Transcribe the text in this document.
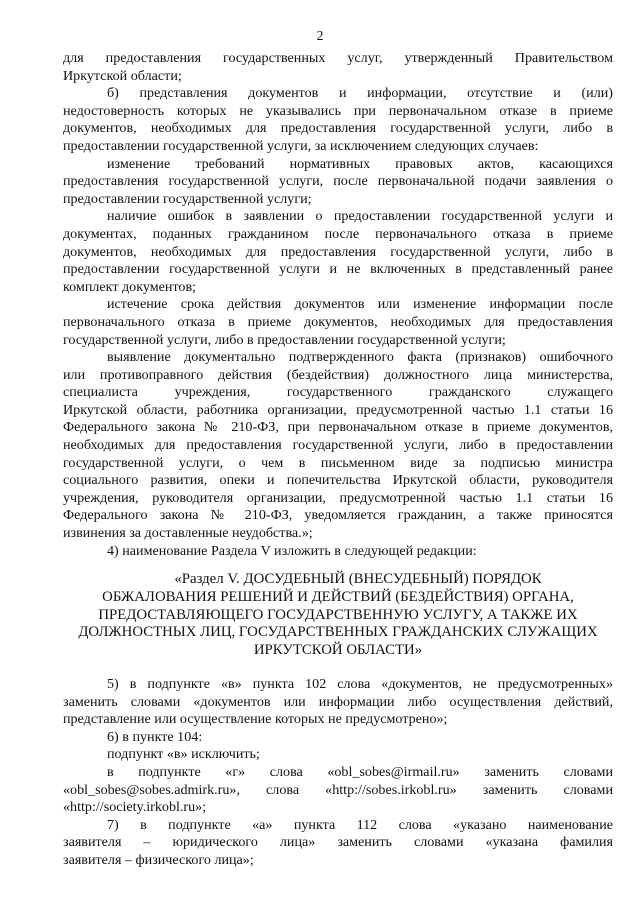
2
для предоставления государственных услуг, утвержденный Правительством
Иркутской области;
б) представления документов и информации, отсутствие и (или)
недостоверность которых не указывались при первоначальном отказе в приеме
документов, необходимых для предоставления государственной услуги, либо в
предоставлении государственной услуги, за исключением следующих случаев:
изменение требований нормативных правовых актов, касающихся
предоставления государственной услуги, после первоначальной подачи заявления о
предоставлении государственной услуги;
наличие ошибок в заявлении о предоставлении государственной услуги и
документах, поданных гражданином после первоначального отказа в приеме
документов, необходимых для предоставления государственной услуги, либо в
предоставлении государственной услуги и не включенных в представленный ранее
комплект документов;
истечение срока действия документов или изменение информации после
первоначального отказа в приеме документов, необходимых для предоставления
государственной услуги, либо в предоставлении государственной услуги;
выявление документально подтвержденного факта (признаков) ошибочного
или противоправного действия (бездействия) должностного лица министерства,
специалиста учреждения, государственного гражданского служащего
Иркутской области, работника организации, предусмотренной частью 1.1 статьи 16
Федерального закона № 210-ФЗ, при первоначальном отказе в приеме документов,
необходимых для предоставления государственной услуги, либо в предоставлении
государственной услуги, о чем в письменном виде за подписью министра
социального развития, опеки и попечительства Иркутской области, руководителя
учреждения, руководителя организации, предусмотренной частью 1.1 статьи 16
Федерального закона № 210-ФЗ, уведомляется гражданин, а также приносятся
извинения за доставленные неудобства.»;
4) наименование Раздела V изложить в следующей редакции:
«Раздел V. ДОСУДЕБНЫЙ (ВНЕСУДЕБНЫЙ) ПОРЯДОК
ОБЖАЛОВАНИЯ РЕШЕНИЙ И ДЕЙСТВИЙ (БЕЗДЕЙСТВИЯ) ОРГАНА,
ПРЕДОСТАВЛЯЮЩЕГО ГОСУДАРСТВЕННУЮ УСЛУГУ, А ТАКЖЕ ИХ
ДОЛЖНОСТНЫХ ЛИЦ, ГОСУДАРСТВЕННЫХ ГРАЖДАНСКИХ СЛУЖАЩИХ
ИРКУТСКОЙ ОБЛАСТИ»
5) в подпункте «в» пункта 102 слова «документов, не предусмотренных»
заменить словами «документов или информации либо осуществления действий,
представление или осуществление которых не предусмотрено»;
6) в пункте 104:
подпункт «в» исключить;
в подпункте «г» слова «obl_sobes@irmail.ru» заменить словами
«obl_sobes@sobes.admirk.ru», слова «http://sobes.irkobl.ru» заменить словами
«http://society.irkobl.ru»;
7) в подпункте «а» пункта 112 слова «указано наименование
заявителя – юридического лица» заменить словами «указана фамилия
заявителя – физического лица»;
